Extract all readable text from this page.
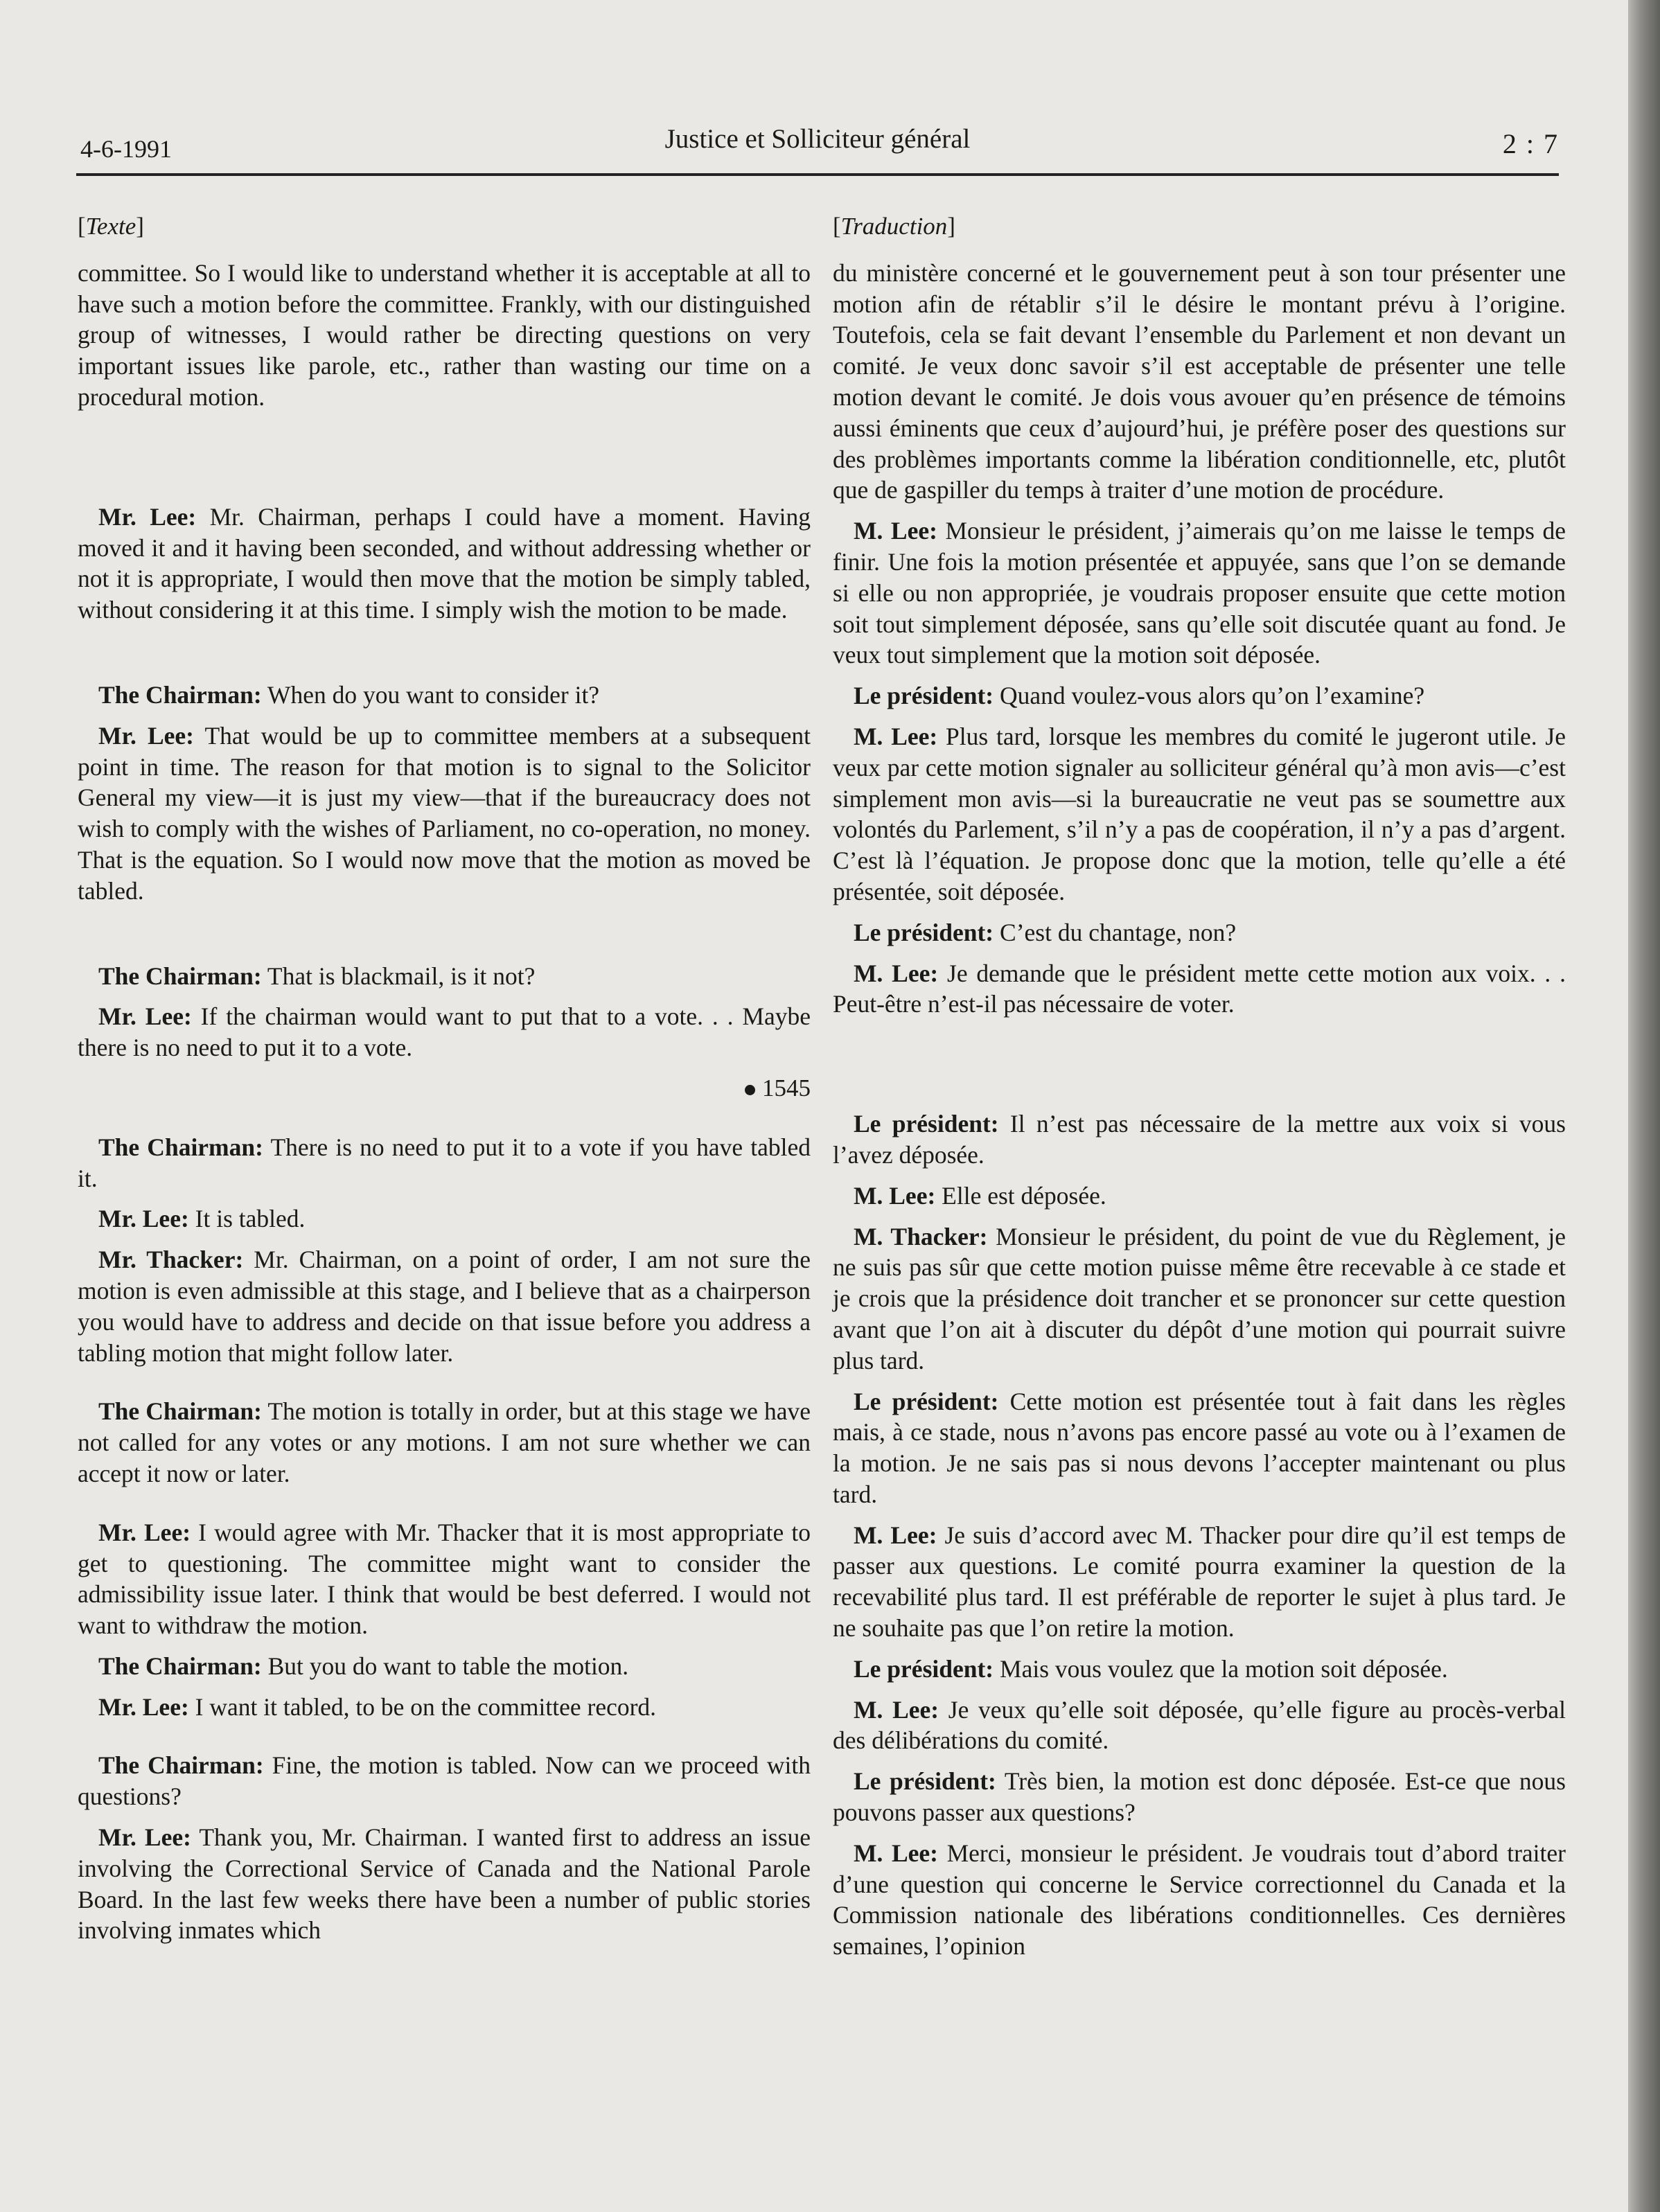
4-6-1991	Justice et Solliciteur général	2 : 7
[Texte]

committee. So I would like to understand whether it is acceptable at all to have such a motion before the committee. Frankly, with our distinguished group of witnesses, I would rather be directing questions on very important issues like parole, etc., rather than wasting our time on a procedural motion.

Mr. Lee: Mr. Chairman, perhaps I could have a moment. Having moved it and it having been seconded, and without addressing whether or not it is appropriate, I would then move that the motion be simply tabled, without considering it at this time. I simply wish the motion to be made.

The Chairman: When do you want to consider it?

Mr. Lee: That would be up to committee members at a subsequent point in time. The reason for that motion is to signal to the Solicitor General my view—it is just my view—that if the bureaucracy does not wish to comply with the wishes of Parliament, no co-operation, no money. That is the equation. So I would now move that the motion as moved be tabled.

The Chairman: That is blackmail, is it not?

Mr. Lee: If the chairman would want to put that to a vote. . . Maybe there is no need to put it to a vote.

1545

The Chairman: There is no need to put it to a vote if you have tabled it.

Mr. Lee: It is tabled.

Mr. Thacker: Mr. Chairman, on a point of order, I am not sure the motion is even admissible at this stage, and I believe that as a chairperson you would have to address and decide on that issue before you address a tabling motion that might follow later.

The Chairman: The motion is totally in order, but at this stage we have not called for any votes or any motions. I am not sure whether we can accept it now or later.

Mr. Lee: I would agree with Mr. Thacker that it is most appropriate to get to questioning. The committee might want to consider the admissibility issue later. I think that would be best deferred. I would not want to withdraw the motion.

The Chairman: But you do want to table the motion.

Mr. Lee: I want it tabled, to be on the committee record.

The Chairman: Fine, the motion is tabled. Now can we proceed with questions?

Mr. Lee: Thank you, Mr. Chairman. I wanted first to address an issue involving the Correctional Service of Canada and the National Parole Board. In the last few weeks there have been a number of public stories involving inmates which

[Traduction]

du ministère concerné et le gouvernement peut à son tour présenter une motion afin de rétablir s’il le désire le montant prévu à l’origine. Toutefois, cela se fait devant l’ensemble du Parlement et non devant un comité. Je veux donc savoir s’il est acceptable de présenter une telle motion devant le comité. Je dois vous avouer qu’en présence de témoins aussi éminents que ceux d’aujourd’hui, je préfère poser des questions sur des problèmes importants comme la libération conditionnelle, etc, plutôt que de gaspiller du temps à traiter d’une motion de procédure.

M. Lee: Monsieur le président, j’aimerais qu’on me laisse le temps de finir. Une fois la motion présentée et appuyée, sans que l’on se demande si elle ou non appropriée, je voudrais proposer ensuite que cette motion soit tout simplement déposée, sans qu’elle soit discutée quant au fond. Je veux tout simplement que la motion soit déposée.

Le président: Quand voulez-vous alors qu’on l’examine?

M. Lee: Plus tard, lorsque les membres du comité le jugeront utile. Je veux par cette motion signaler au solliciteur général qu’à mon avis—c’est simplement mon avis—si la bureaucratie ne veut pas se soumettre aux volontés du Parlement, s’il n’y a pas de coopération, il n’y a pas d’argent. C’est là l’équation. Je propose donc que la motion, telle qu’elle a été présentée, soit déposée.

Le président: C’est du chantage, non?

M. Lee: Je demande que le président mette cette motion aux voix. . . Peut-être n’est-il pas nécessaire de voter.

Le président: Il n’est pas nécessaire de la mettre aux voix si vous l’avez déposée.

M. Lee: Elle est déposée.

M. Thacker: Monsieur le président, du point de vue du Règlement, je ne suis pas sûr que cette motion puisse même être recevable à ce stade et je crois que la présidence doit trancher et se prononcer sur cette question avant que l’on ait à discuter du dépôt d’une motion qui pourrait suivre plus tard.

Le président: Cette motion est présentée tout à fait dans les règles mais, à ce stade, nous n’avons pas encore passé au vote ou à l’examen de la motion. Je ne sais pas si nous devons l’accepter maintenant ou plus tard.

M. Lee: Je suis d’accord avec M. Thacker pour dire qu’il est temps de passer aux questions. Le comité pourra examiner la question de la recevabilité plus tard. Il est préférable de reporter le sujet à plus tard. Je ne souhaite pas que l’on retire la motion.

Le président: Mais vous voulez que la motion soit déposée.

M. Lee: Je veux qu’elle soit déposée, qu’elle figure au procès-verbal des délibérations du comité.

Le président: Très bien, la motion est donc déposée. Est-ce que nous pouvons passer aux questions?

M. Lee: Merci, monsieur le président. Je voudrais tout d’abord traiter d’une question qui concerne le Service correctionnel du Canada et la Commission nationale des libérations conditionnelles. Ces dernières semaines, l’opinion
